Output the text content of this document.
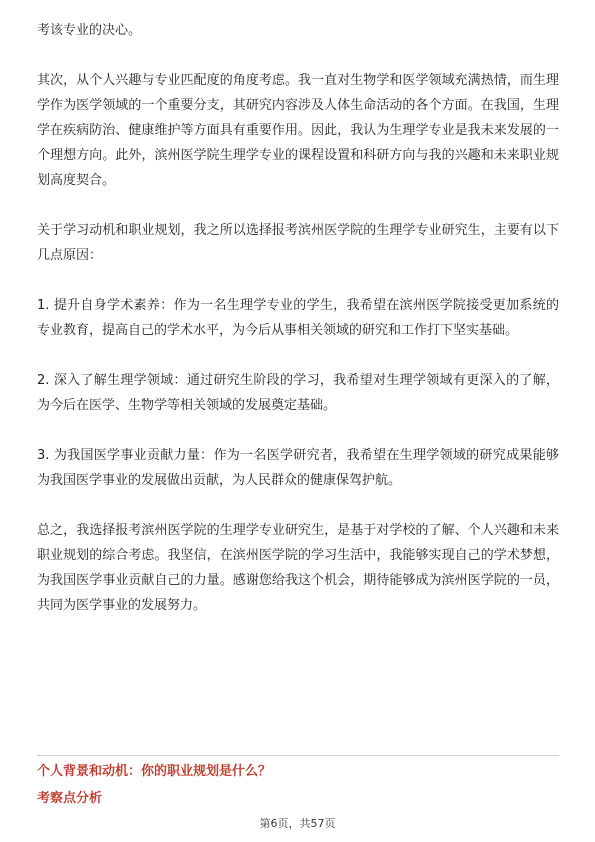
考该专业的决心。

其次，从个人兴趣与专业匹配度的角度考虑。我一直对生物学和医学领域充满热情，而生理学作为医学领域的一个重要分支，其研究内容涉及人体生命活动的各个方面。在我国，生理学在疾病防治、健康维护等方面具有重要作用。因此，我认为生理学专业是我未来发展的一个理想方向。此外，滨州医学院生理学专业的课程设置和科研方向与我的兴趣和未来职业规划高度契合。

关于学习动机和职业规划，我之所以选择报考滨州医学院的生理学专业研究生，主要有以下几点原因：

1. 提升自身学术素养：作为一名生理学专业的学生，我希望在滨州医学院接受更加系统的专业教育，提高自己的学术水平，为今后从事相关领域的研究和工作打下坚实基础。

2. 深入了解生理学领域：通过研究生阶段的学习，我希望对生理学领域有更深入的了解，为今后在医学、生物学等相关领域的发展奠定基础。

3. 为我国医学事业贡献力量：作为一名医学研究者，我希望在生理学领域的研究成果能够为我国医学事业的发展做出贡献，为人民群众的健康保驾护航。

总之，我选择报考滨州医学院的生理学专业研究生，是基于对学校的了解、个人兴趣和未来职业规划的综合考虑。我坚信，在滨州医学院的学习生活中，我能够实现自己的学术梦想，为我国医学事业贡献自己的力量。感谢您给我这个机会，期待能够成为滨州医学院的一员，共同为医学事业的发展努力。

个人背景和动机：你的职业规划是什么？
考察点分析
第6页，共57页
